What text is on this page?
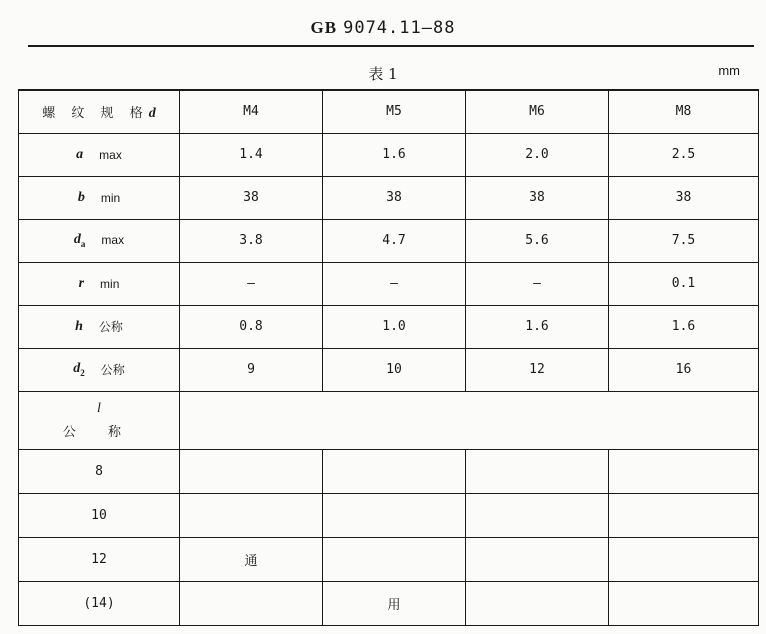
GB 9074.11—88
表 1	mm
螺 纹 规 格d	M4	M5	M6	M8

a max	1.4	1.6	2.0	2.5

b min	38	38	38	38

$d_a$ max	3.8	4.7	5.6	7.5

r min	—	—	—	0.1

h 公称	0.8	1.0	1.6	1.6

$d_2$ 公称	9	10	12	16

l
公 称				

8				
10				
12	通			
(14)		用		
